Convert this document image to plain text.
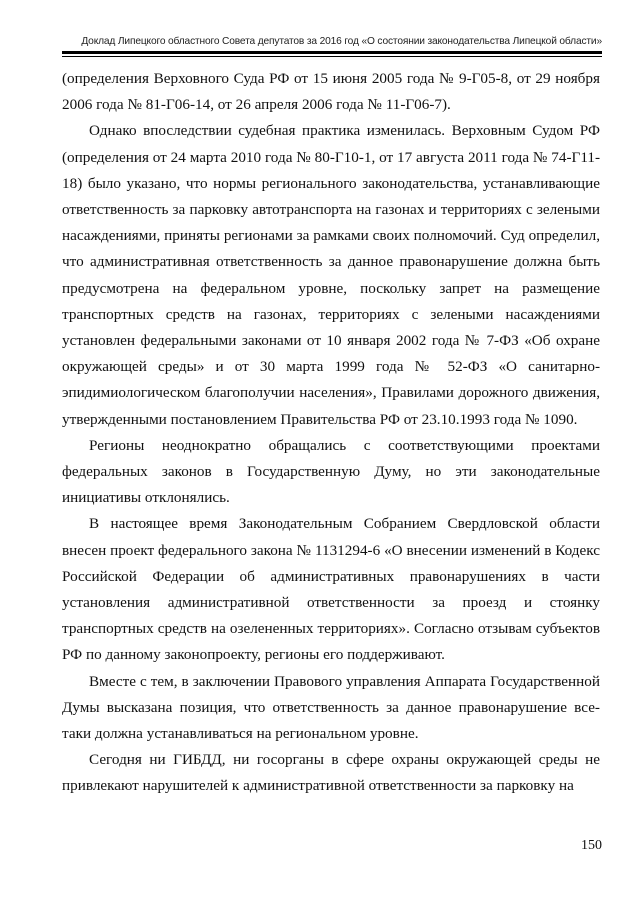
Доклад Липецкого областного Совета депутатов за 2016 год «О состоянии законодательства Липецкой области»

(определения Верховного Суда РФ от 15 июня 2005 года № 9-Г05-8, от 29 ноября 2006 года № 81-Г06-14, от 26 апреля 2006 года № 11-Г06-7).

Однако впоследствии судебная практика изменилась. Верховным Судом РФ (определения от 24 марта 2010 года № 80-Г10-1, от 17 августа 2011 года № 74-Г11-18) было указано, что нормы регионального законодательства, устанавливающие ответственность за парковку автотранспорта на газонах и территориях с зелеными насаждениями, приняты регионами за рамками своих полномочий. Суд определил, что административная ответственность за данное правонарушение должна быть предусмотрена на федеральном уровне, поскольку запрет на размещение транспортных средств на газонах, территориях с зелеными насаждениями установлен федеральными законами от 10 января 2002 года № 7-ФЗ «Об охране окружающей среды» и от 30 марта 1999 года № 52-ФЗ «О санитарно-эпидимиологическом благополучии населения», Правилами дорожного движения, утвержденными постановлением Правительства РФ от 23.10.1993 года № 1090.

Регионы неоднократно обращались с соответствующими проектами федеральных законов в Государственную Думу, но эти законодательные инициативы отклонялись.

В настоящее время Законодательным Собранием Свердловской области внесен проект федерального закона № 1131294-6 «О внесении изменений в Кодекс Российской Федерации об административных правонарушениях в части установления административной ответственности за проезд и стоянку транспортных средств на озелененных территориях». Согласно отзывам субъектов РФ по данному законопроекту, регионы его поддерживают.

Вместе с тем, в заключении Правового управления Аппарата Государственной Думы высказана позиция, что ответственность за данное правонарушение все-таки должна устанавливаться на региональном уровне.

Сегодня ни ГИБДД, ни госорганы в сфере охраны окружающей среды не привлекают нарушителей к административной ответственности за парковку на

150
